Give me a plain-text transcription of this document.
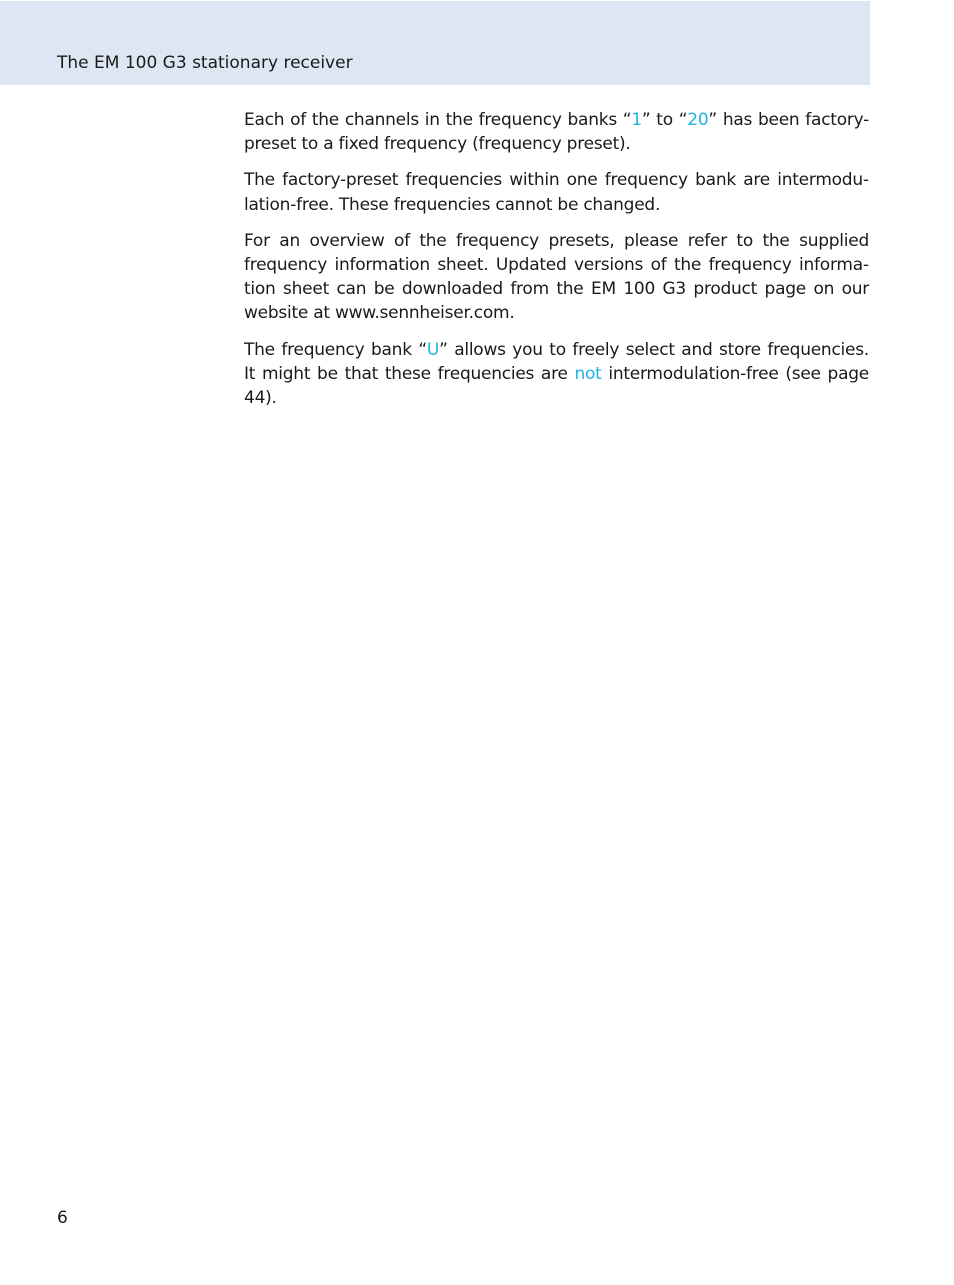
The EM 100 G3 stationary receiver

Each of the channels in the frequency banks “1” to “20” has been factory-preset to a fixed frequency (frequency preset).

The factory-preset frequencies within one frequency bank are intermodulation-free. These frequencies cannot be changed.

For an overview of the frequency presets, please refer to the supplied frequency information sheet. Updated versions of the frequency information sheet can be downloaded from the EM 100 G3 product page on our website at www.sennheiser.com.

The frequency bank “U” allows you to freely select and store frequencies. It might be that these frequencies are not intermodulation-free (see page 44).

6
